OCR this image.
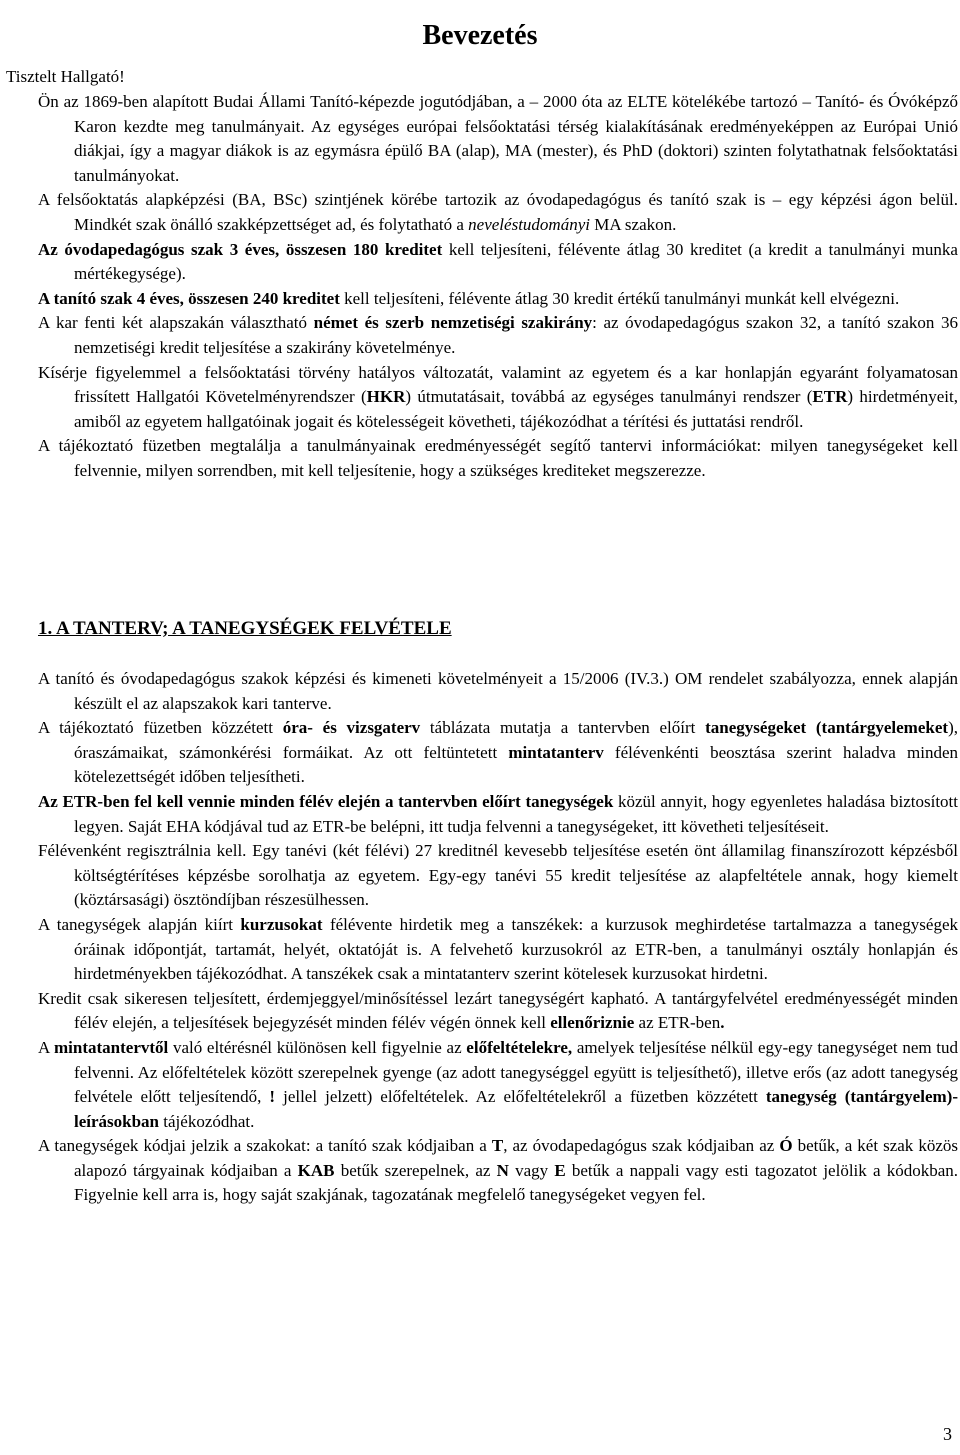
Bevezetés

Tisztelt Hallgató!

Ön az 1869-ben alapított Budai Állami Tanító-képezde jogutódjában, a – 2000 óta az ELTE kötelékébe tartozó – Tanító- és Óvóképző Karon kezdte meg tanulmányait. Az egységes európai felsőoktatási térség kialakításának eredményeképpen az Európai Unió diákjai, így a magyar diákok is az egymásra épülő BA (alap), MA (mester), és PhD (doktori) szinten folytathatnak felsőoktatási tanulmányokat.

A felsőoktatás alapképzési (BA, BSc) szintjének körébe tartozik az óvodapedagógus és tanító szak is – egy képzési ágon belül. Mindkét szak önálló szakképzettséget ad, és folytatható a neveléstudományi MA szakon.

Az óvodapedagógus szak 3 éves, összesen 180 kreditet kell teljesíteni, félévente átlag 30 kreditet (a kredit a tanulmányi munka mértékegysége).

A tanító szak 4 éves, összesen 240 kreditet kell teljesíteni, félévente átlag 30 kredit értékű tanulmányi munkát kell elvégezni.

A kar fenti két alapszakán választható német és szerb nemzetiségi szakirány: az óvodapedagógus szakon 32, a tanító szakon 36 nemzetiségi kredit teljesítése a szakirány követelménye.

Kísérje figyelemmel a felsőoktatási törvény hatályos változatát, valamint az egyetem és a kar honlapján egyaránt folyamatosan frissített Hallgatói Követelményrendszer (HKR) útmutatásait, továbbá az egységes tanulmányi rendszer (ETR) hirdetményeit, amiből az egyetem hallgatóinak jogait és kötelességeit követheti, tájékozódhat a térítési és juttatási rendről.

A tájékoztató füzetben megtalálja a tanulmányainak eredményességét segítő tantervi információkat: milyen tanegységeket kell felvennie, milyen sorrendben, mit kell teljesítenie, hogy a szükséges krediteket megszerezze.

1. A TANTERV; A TANEGYSÉGEK FELVÉTELE

A tanító és óvodapedagógus szakok képzési és kimeneti követelményeit a 15/2006 (IV.3.) OM rendelet szabályozza, ennek alapján készült el az alapszakok kari tanterve.

A tájékoztató füzetben közzétett óra- és vizsgaterv táblázata mutatja a tantervben előírt tanegységeket (tantárgyelemeket), óraszámaikat, számonkérési formáikat. Az ott feltüntetett mintatanterv félévenkénti beosztása szerint haladva minden kötelezettségét időben teljesítheti.

Az ETR-ben fel kell vennie minden félév elején a tantervben előírt tanegységek közül annyit, hogy egyenletes haladása biztosított legyen. Saját EHA kódjával tud az ETR-be belépni, itt tudja felvenni a tanegységeket, itt követheti teljesítéseit.

Félévenként regisztrálnia kell. Egy tanévi (két félévi) 27 kreditnél kevesebb teljesítése esetén önt államilag finanszírozott képzésből költségtérítéses képzésbe sorolhatja az egyetem. Egy-egy tanévi 55 kredit teljesítése az alapfeltétele annak, hogy kiemelt (köztársasági) ösztöndíjban részesülhessen.

A tanegységek alapján kiírt kurzusokat félévente hirdetik meg a tanszékek: a kurzusok meghirdetése tartalmazza a tanegységek óráinak időpontját, tartamát, helyét, oktatóját is. A felvehető kurzusokról az ETR-ben, a tanulmányi osztály honlapján és hirdetményekben tájékozódhat. A tanszékek csak a mintatanterv szerint kötelesek kurzusokat hirdetni.

Kredit csak sikeresen teljesített, érdemjeggyel/minősítéssel lezárt tanegységért kapható. A tantárgyfelvétel eredményességét minden félév elején, a teljesítések bejegyzését minden félév végén önnek kell ellenőriznie az ETR-ben.

A mintatantervtől való eltérésnél különösen kell figyelnie az előfeltételekre, amelyek teljesítése nélkül egy-egy tanegységet nem tud felvenni. Az előfeltételek között szerepelnek gyenge (az adott tanegységgel együtt is teljesíthető), illetve erős (az adott tanegység felvétele előtt teljesítendő, ! jellel jelzett) előfeltételek. Az előfeltételekről a füzetben közzétett tanegység (tantárgyelem)-leírásokban tájékozódhat.

A tanegységek kódjai jelzik a szakokat: a tanító szak kódjaiban a T, az óvodapedagógus szak kódjaiban az Ó betűk, a két szak közös alapozó tárgyainak kódjaiban a KAB betűk szerepelnek, az N vagy E betűk a nappali vagy esti tagozatot jelölik a kódokban. Figyelnie kell arra is, hogy saját szakjának, tagozatának megfelelő tanegységeket vegyen fel.

3
